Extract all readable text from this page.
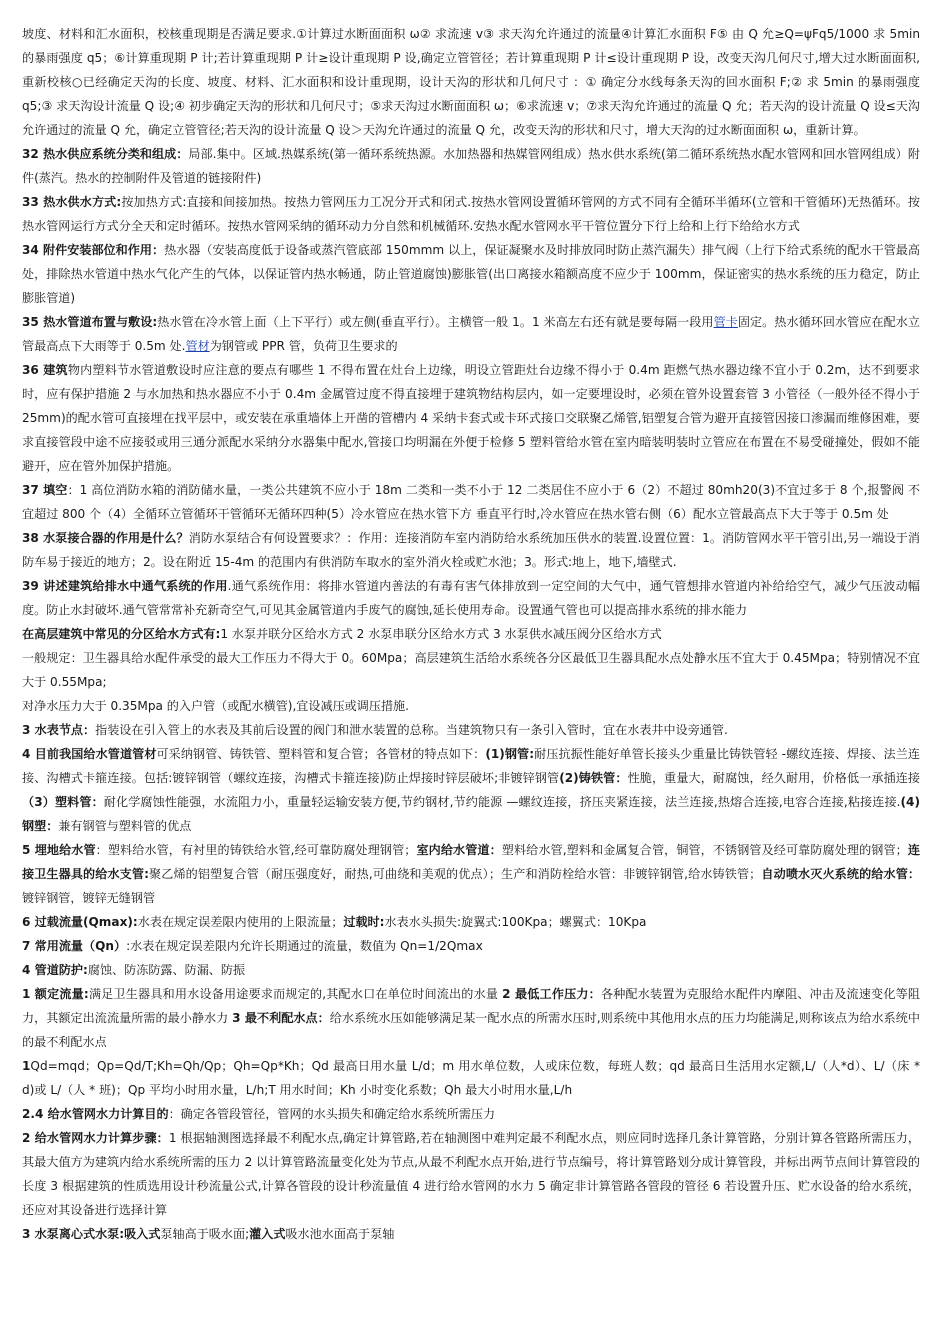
坡度、材料和汇水面积，校核重现期是否满足要求.①计算过水断面面积 ω② 求流速 v③ 求天沟允许通过的流量④计算汇水面积 F⑤ 由 Q 允≥Q=ψFq5/1000 求 5min 的暴雨强度 q5；⑥计算重现期 P 计;若计算重现期 P 计≥设计重现期 P 设,确定立管管径；若计算重现期 P 计≤设计重现期 P 设，改变天沟几何尺寸,增大过水断面面积,重新校核○已经确定天沟的长度、坡度、材料、汇水面积和设计重现期，设计天沟的形状和几何尺寸 ：① 确定分水线每条天沟的回水面积 F;② 求 5min 的暴雨强度 q5;③ 求天沟设计流量 Q 设;④ 初步确定天沟的形状和几何尺寸；⑤求天沟过水断面面积 ω；⑥求流速 v；⑦求天沟允许通过的流量 Q 允；若天沟的设计流量 Q 设≤天沟允许通过的流量 Q 允，确定立管管径;若天沟的设计流量 Q 设＞天沟允许通过的流量 Q 允，改变天沟的形状和尺寸，增大天沟的过水断面面积 ω，重新计算。

32 热水供应系统分类和组成：局部.集中。区域.热媒系统(第一循环系统热源。水加热器和热媒管网组成）热水供水系统(第二循环系统热水配水管网和回水管网组成）附件(蒸汽。热水的控制附件及管道的链接附件)

33 热水供水方式:按加热方式:直接和间接加热。按热力管网压力工况分开式和闭式.按热水管网设置循环管网的方式不同有全循环半循环(立管和干管循环)无热循环。按热水管网运行方式分全天和定时循环。按热水管网采纳的循环动力分自然和机械循环.安热水配水管网水平干管位置分下行上给和上行下给给水方式

34 附件安装部位和作用：热水器（安装高度低于设备或蒸汽管底部 150mmm 以上，保证凝聚水及时排放同时防止蒸汽漏失）排气阀（上行下给式系统的配水干管最高处，排除热水管道中热水气化产生的气体，以保证管内热水畅通，防止管道腐蚀)膨胀管(出口离接水箱额高度不应少于 100mm，保证密实的热水系统的压力稳定，防止膨胀管道)

35 热水管道布置与敷设:热水管在冷水管上面（上下平行）或左侧(垂直平行）。主横管一般 1。1 米高左右还有就是要每隔一段用管卡固定。热水循环回水管应在配水立管最高点下大雨等于 0.5m 处.管材为钢管或 PPR 管，负荷卫生要求的

36 建筑物内塑料节水管道敷设时应注意的要点有哪些 1 不得布置在灶台上边缘，明设立管距灶台边缘不得小于 0.4m 距燃气热水器边缘不宜小于 0.2m，达不到要求时，应有保护措施 2 与水加热和热水器应不小于 0.4m 金属管过度不得直接埋于建筑物结构层内，如一定要埋设时，必须在管外设置套管 3 小管径（一般外径不得小于 25mm)的配水管可直接埋在找平层中，或安装在承重墙体上开凿的管槽内 4 采纳卡套式或卡环式接口交联聚乙烯管,铝塑复合管为避开直接管因接口渗漏而维修困难，要求直接管段中途不应接驳或用三通分派配水采纳分水器集中配水,管接口均明漏在外便于检修 5 塑料管给水管在室内暗装明装时立管应在布置在不易受碰撞处，假如不能避开，应在管外加保护措施。

37 填空：1 高位消防水箱的消防储水量，一类公共建筑不应小于 18m 二类和一类不小于 12 二类居住不应小于 6（2）不超过 80mh20(3)不宜过多于 8 个,报警阀 不宜超过 800 个（4）全循环立管循环干管循环无循环四种(5）冷水管应在热水管下方 垂直平行时,冷水管应在热水管右侧（6）配水立管最高点下大于等于 0.5m 处

38 水泵接合器的作用是什么？消防水泵结合有何设置要求？：作用：连接消防车室内消防给水系统加压供水的装置.设置位置：1。消防管网水平干管引出,另一端设于消防车易于接近的地方；2。设在附近 15-4m 的范围内有供消防车取水的室外消火栓或贮水池；3。形式:地上，地下,墙壁式.

39 讲述建筑给排水中通气系统的作用.通气系统作用：将排水管道内善法的有毒有害气体排放到一定空间的大气中，通气管想排水管道内补给给空气，减少气压波动幅度。防止水封破坏.通气管常常补充新奇空气,可见其金属管道内手废气的腐蚀,延长使用寿命。设置通气管也可以提高排水系统的排水能力

在高层建筑中常见的分区给水方式有:1 水泵并联分区给水方式 2 水泵串联分区给水方式 3 水泵供水减压阀分区给水方式

一般规定：卫生器具给水配件承受的最大工作压力不得大于 0。60Mpa；高层建筑生活给水系统各分区最低卫生器具配水点处静水压不宜大于 0.45Mpa；特别情况不宜大于 0.55Mpa;

对净水压力大于 0.35Mpa 的入户管（或配水横管),宜设减压或调压措施.

3 水表节点：指装设在引入管上的水表及其前后设置的阀门和泄水装置的总称。当建筑物只有一条引入管时，宜在水表井中设旁通管.

4 目前我国给水管道管材可采纳钢管、铸铁管、塑料管和复合管；各管材的特点如下：(1)钢管:耐压抗振性能好单管长接头少重量比铸铁管轻 -螺纹连接、焊接、法兰连接、沟槽式卡箍连接。包括:镀锌钢管（螺纹连接，沟槽式卡箍连接)防止焊接时锌层破坏;非镀锌钢管(2)铸铁管：性脆，重量大，耐腐蚀，经久耐用，价格低一承插连接（3）塑料管：耐化学腐蚀性能强，水流阻力小，重量轻运输安装方便,节约钢材,节约能源 —螺纹连接，挤压夹紧连接，法兰连接,热熔合连接,电容合连接,粘接连接.(4)钢塑：兼有钢管与塑料管的优点

5 埋地给水管：塑料给水管，有衬里的铸铁给水管,经可靠防腐处理钢管；室内给水管道：塑料给水管,塑料和金属复合管，铜管，不锈钢管及经可靠防腐处理的钢管；连接卫生器具的给水支管:聚乙烯的铝塑复合管（耐压强度好，耐热,可曲绕和美观的优点）；生产和消防栓给水管：非镀锌钢管,给水铸铁管；自动喷水灭火系统的给水管：镀锌钢管，镀锌无缝钢管

6 过载流量(Qmax):水表在规定误差限内使用的上限流量；过载时:水表水头损失:旋翼式:100Kpa；螺翼式：10Kpa

7 常用流量（Qn）:水表在规定误差限内允许长期通过的流量，数值为 Qn=1/2Qmax

4 管道防护:腐蚀、防冻防露、防漏、防振

1 额定流量:满足卫生器具和用水设备用途要求而规定的,其配水口在单位时间流出的水量 2 最低工作压力：各种配水装置为克服给水配件内摩阻、冲击及流速变化等阻力，其额定出流流量所需的最小静水力 3 最不利配水点：给水系统水压如能够满足某一配水点的所需水压时,则系统中其他用水点的压力均能满足,则称该点为给水系统中的最不利配水点

1Qd=mqd；Qp=Qd/T;Kh=Qh/Qp；Qh=Qp*Kh；Qd 最高日用水量 L/d；m 用水单位数，人或床位数，每班人数；qd 最高日生活用水定额,L/（人*d）、L/（床 * d)或 L/（人 * 班)；Qp 平均小时用水量，L/h;T 用水时间；Kh 小时变化系数；Qh 最大小时用水量,L/h

2.4 给水管网水力计算目的：确定各管段管径，管网的水头损失和确定给水系统所需压力

2 给水管网水力计算步骤：1 根据轴测图选择最不利配水点,确定计算管路,若在轴测图中难判定最不利配水点，则应同时选择几条计算管路，分别计算各管路所需压力，其最大值方为建筑内给水系统所需的压力 2 以计算管路流量变化处为节点,从最不利配水点开始,进行节点编号，将计算管路划分成计算管段，并标出两节点间计算管段的长度 3 根据建筑的性质选用设计秒流量公式,计算各管段的设计秒流量值 4 进行给水管网的水力 5 确定非计算管路各管段的管径 6 若设置升压、贮水设备的给水系统，还应对其设备进行选择计算

3 水泵离心式水泵:吸入式泵轴高于吸水面;灌入式吸水池水面高于泵轴
